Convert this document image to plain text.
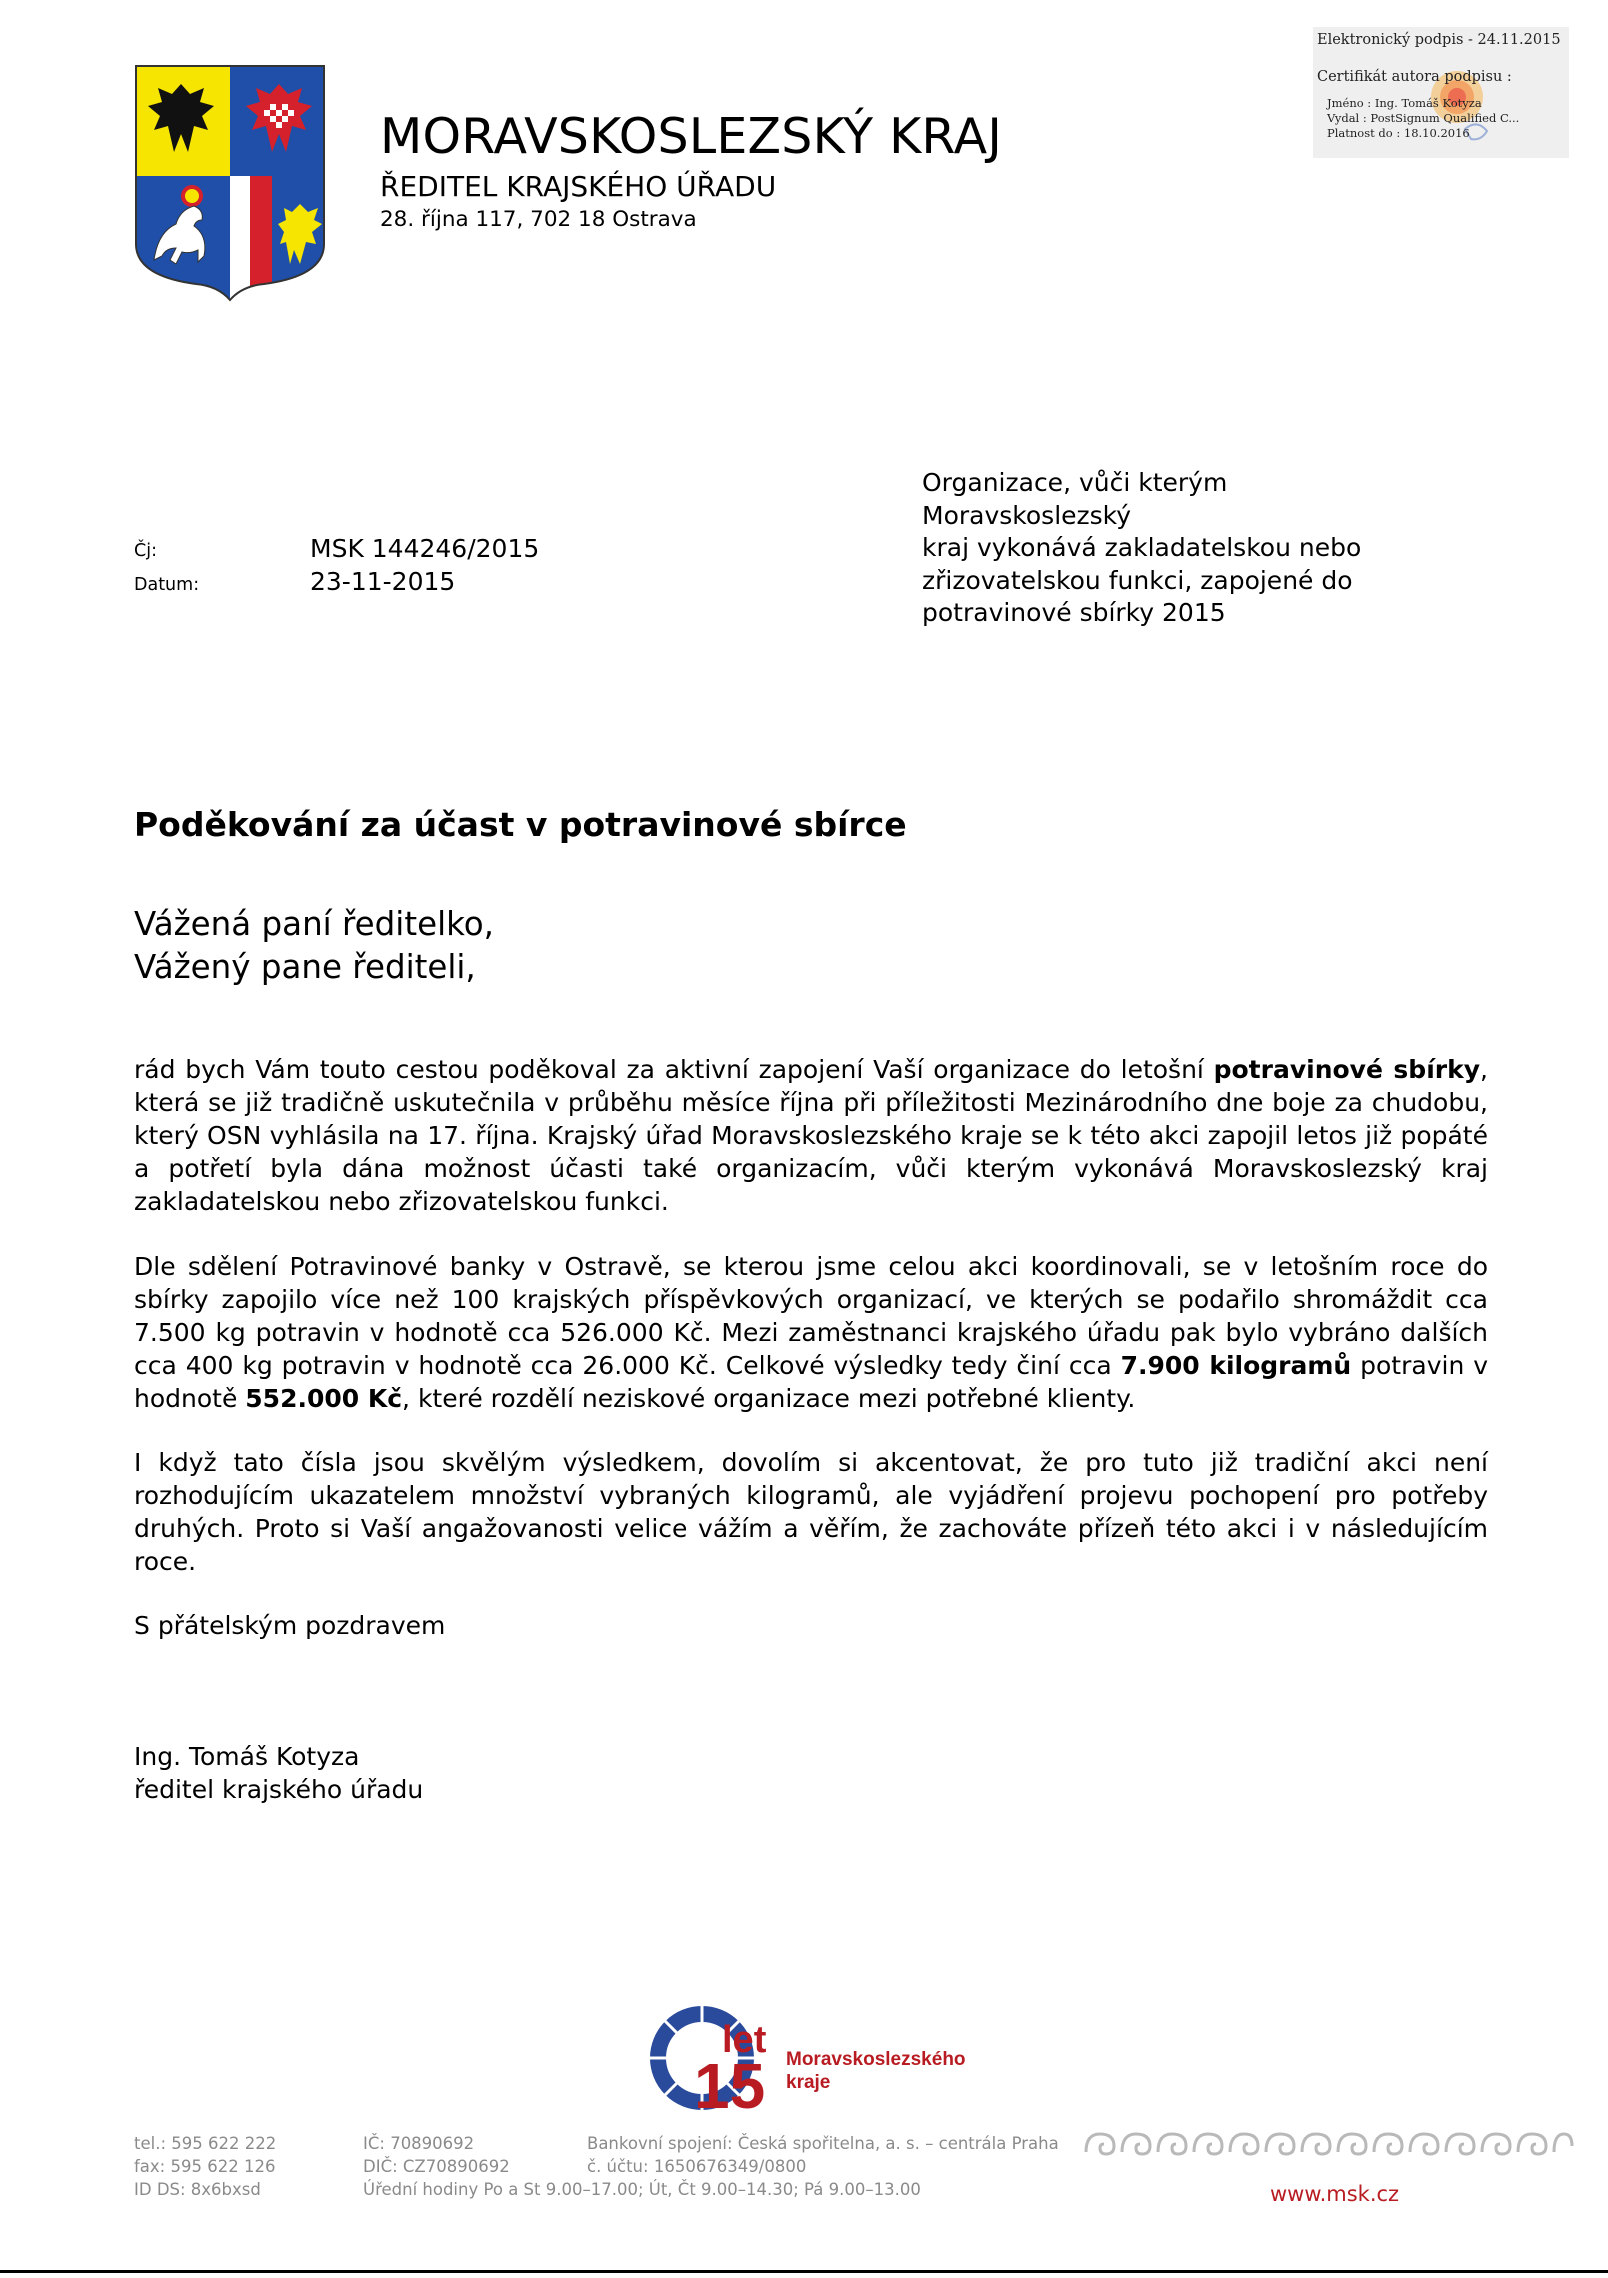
Elektronický podpis - 24.11.2015
Certifikát autora podpisu :
Jméno : Ing. Tomáš Kotyza
Vydal : PostSignum Qualified C...
Platnost do : 18.10.2016
MORAVSKOSLEZSKÝ KRAJ
ŘEDITEL KRAJSKÉHO ÚŘADU
28. října 117, 702 18 Ostrava
Čj:	MSK 144246/2015
Datum:	23-11-2015
Organizace, vůči kterým Moravskoslezský
kraj vykonává zakladatelskou nebo
zřizovatelskou funkci, zapojené do
potravinové sbírky 2015
Poděkování za účast v potravinové sbírce
Vážená paní ředitelko,
Vážený pane řediteli,
rád bych Vám touto cestou poděkoval za aktivní zapojení Vaší organizace do letošní potravinové sbírky, která se již tradičně uskutečnila v průběhu měsíce října při příležitosti Mezinárodního dne boje za chudobu, který OSN vyhlásila na 17. října. Krajský úřad Moravskoslezského kraje se k této akci zapojil letos již popáté a potřetí byla dána možnost účasti také organizacím, vůči kterým vykonává Moravskoslezský kraj zakladatelskou nebo zřizovatelskou funkci.
Dle sdělení Potravinové banky v Ostravě, se kterou jsme celou akci koordinovali, se v letošním roce do sbírky zapojilo více než 100 krajských příspěvkových organizací, ve kterých se podařilo shromáždit cca 7.500 kg potravin v hodnotě cca 526.000 Kč. Mezi zaměstnanci krajského úřadu pak bylo vybráno dalších cca 400 kg potravin v hodnotě cca 26.000 Kč. Celkové výsledky tedy činí cca 7.900 kilogramů potravin v hodnotě 552.000 Kč, které rozdělí neziskové organizace mezi potřebné klienty.
I když tato čísla jsou skvělým výsledkem, dovolím si akcentovat, že pro tuto již tradiční akci není rozhodujícím ukazatelem množství vybraných kilogramů, ale vyjádření projevu pochopení pro potřeby druhých. Proto si Vaší angažovanosti velice vážím a věřím, že zachováte přízeň této akci i v následujícím roce.
S přátelským pozdravem
Ing. Tomáš Kotyza
ředitel krajského úřadu
let
15 Moravskoslezského
kraje
tel.: 595 622 222
fax: 595 622 126
ID DS: 8x6bxsd
IČ: 70890692
DIČ: CZ70890692
Úřední hodiny Po a St 9.00–17.00; Út, Čt 9.00–14.30; Pá 9.00–13.00
Bankovní spojení: Česká spořitelna, a. s. – centrála Praha
č. účtu: 1650676349/0800
www.msk.cz
